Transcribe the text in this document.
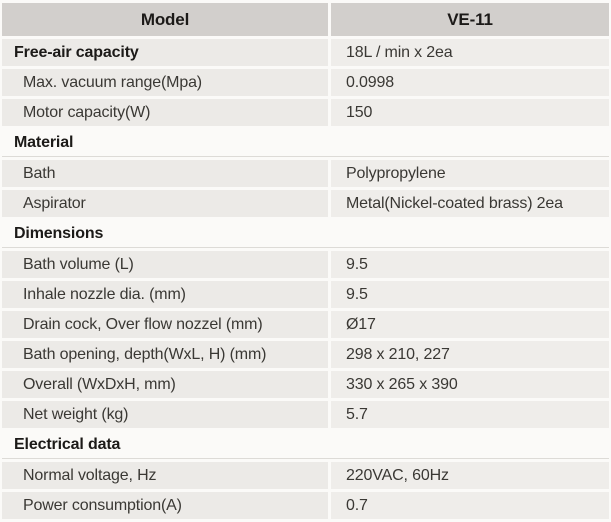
Model	VE-11
Free-air capacity	18L / min x 2ea
Max. vacuum range(Mpa)	0.0998
Motor capacity(W)	150
Material
Bath	Polypropylene
Aspirator	Metal(Nickel-coated brass) 2ea
Dimensions
Bath volume (L)	9.5
Inhale nozzle dia. (mm)	9.5
Drain cock, Over flow nozzel (mm)	Ø17
Bath opening, depth(WxL, H) (mm)	298 x 210, 227
Overall (WxDxH, mm)	330 x 265 x 390
Net weight (kg)	5.7
Electrical data
Normal voltage, Hz	220VAC, 60Hz
Power consumption(A)	0.7
